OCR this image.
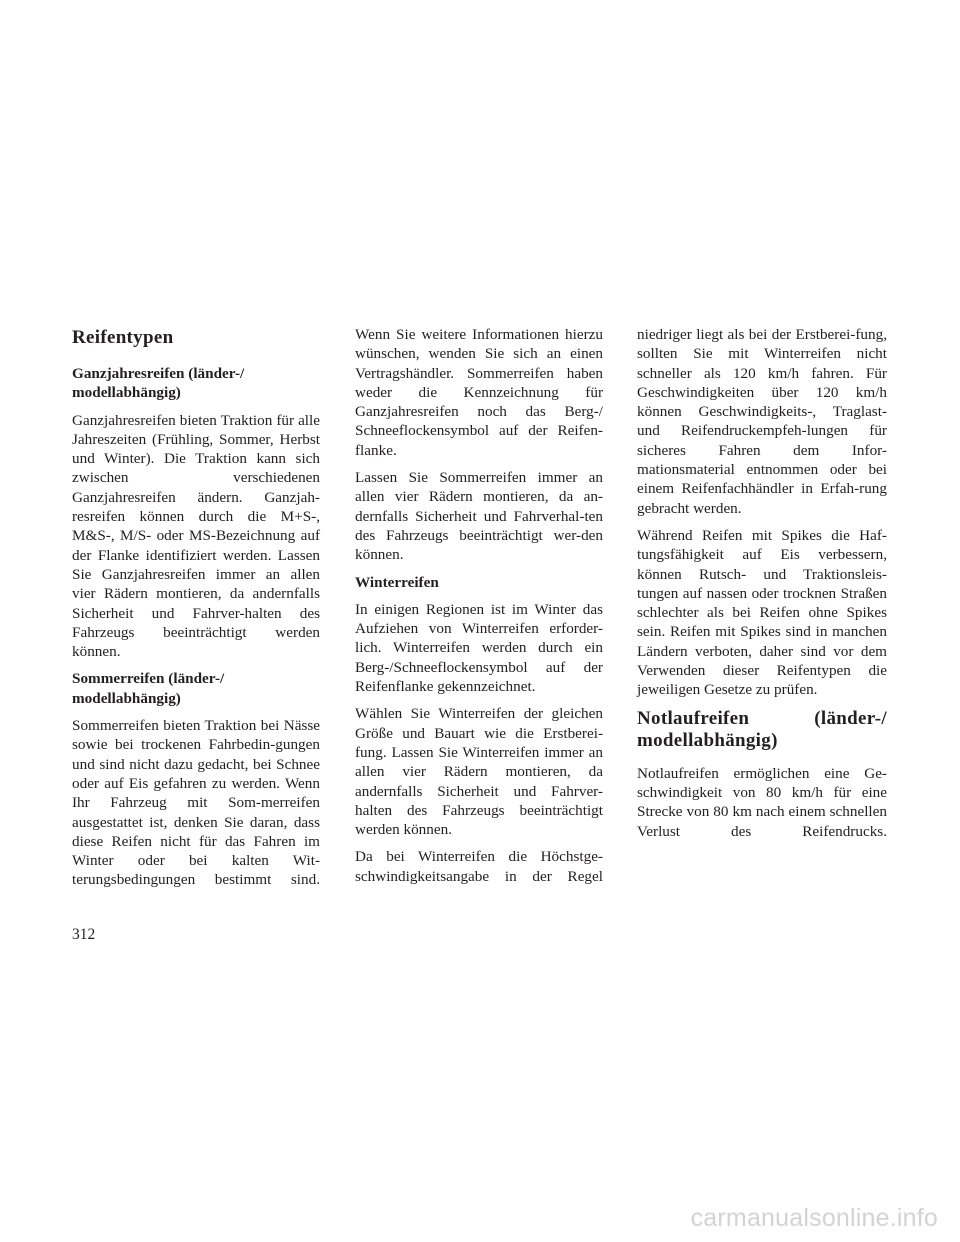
Reifentypen
Ganzjahresreifen (länder-/ modellabhängig)

Ganzjahresreifen bieten Traktion für alle Jahreszeiten (Frühling, Sommer, Herbst und Winter). Die Traktion kann sich zwischen verschiedenen Ganzjahresreifen ändern. Ganzjah-resreifen können durch die M+S-, M&S-, M/S- oder MS-Bezeichnung auf der Flanke identifiziert werden. Lassen Sie Ganzjahresreifen immer an allen vier Rädern montieren, da andernfalls Sicherheit und Fahrver-halten des Fahrzeugs beeinträchtigt werden können.

Sommerreifen (länder-/ modellabhängig)

Sommerreifen bieten Traktion bei Nässe sowie bei trockenen Fahrbedin-gungen und sind nicht dazu gedacht, bei Schnee oder auf Eis gefahren zu werden. Wenn Ihr Fahrzeug mit Som-merreifen ausgestattet ist, denken Sie daran, dass diese Reifen nicht für das Fahren im Winter oder bei kalten Wit-terungsbedingungen bestimmt sind.

Wenn Sie weitere Informationen hierzu wünschen, wenden Sie sich an einen Vertragshändler. Sommerreifen haben weder die Kennzeichnung für Ganzjahresreifen noch das Berg-/ Schneeflockensymbol auf der Reifen-flanke.

Lassen Sie Sommerreifen immer an allen vier Rädern montieren, da an-dernfalls Sicherheit und Fahrverhal-ten des Fahrzeugs beeinträchtigt wer-den können.

Winterreifen

In einigen Regionen ist im Winter das Aufziehen von Winterreifen erforder-lich. Winterreifen werden durch ein Berg-/Schneeflockensymbol auf der Reifenflanke gekennzeichnet.

Wählen Sie Winterreifen der gleichen Größe und Bauart wie die Erstberei-fung. Lassen Sie Winterreifen immer an allen vier Rädern montieren, da andernfalls Sicherheit und Fahrver-halten des Fahrzeugs beeinträchtigt werden können.

Da bei Winterreifen die Höchstge-schwindigkeitsangabe in der Regel

niedriger liegt als bei der Erstberei-fung, sollten Sie mit Winterreifen nicht schneller als 120 km/h fahren. Für Geschwindigkeiten über 120 km/h können Geschwindigkeits-, Traglast- und Reifendruckempfeh-lungen für sicheres Fahren dem Infor-mationsmaterial entnommen oder bei einem Reifenfachhändler in Erfah-rung gebracht werden.

Während Reifen mit Spikes die Haf-tungsfähigkeit auf Eis verbessern, können Rutsch- und Traktionsleis-tungen auf nassen oder trocknen Straßen schlechter als bei Reifen ohne Spikes sein. Reifen mit Spikes sind in manchen Ländern verboten, daher sind vor dem Verwenden dieser Reifentypen die jeweiligen Gesetze zu prüfen.

Notlaufreifen (länder-/ modellabhängig)

Notlaufreifen ermöglichen eine Ge-schwindigkeit von 80 km/h für eine Strecke von 80 km nach einem schnellen Verlust des Reifendrucks.

312
carmanualsonline.info
